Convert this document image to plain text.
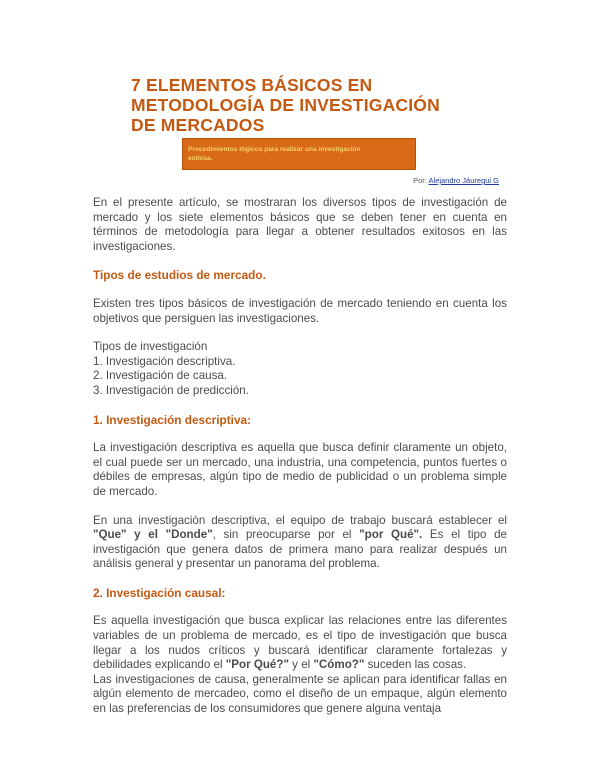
7 ELEMENTOS BÁSICOS EN
METODOLOGÍA DE INVESTIGACIÓN
DE MERCADOS
Procedimientos lógicos para realizar una investigación exitosa.
Por: Alejandro Jáuregui G

En el presente artículo, se mostraran los diversos tipos de investigación de mercado y los siete elementos básicos que se deben tener en cuenta en términos de metodología para llegar a obtener resultados exitosos en las investigaciones.

Tipos de estudios de mercado.

Existen tres tipos básicos de investigación de mercado teniendo en cuenta los objetivos que persiguen las investigaciones.

Tipos de investigación

1. Investigación descriptiva.

2. Investigación de causa.

3. Investigación de predicción.

1. Investigación descriptiva:

La investigación descriptiva es aquella que busca definir claramente un objeto, el cual puede ser un mercado, una industria, una competencia, puntos fuertes o débiles de empresas, algún tipo de medio de publicidad o un problema simple de mercado.

En una investigación descriptiva, el equipo de trabajo buscará establecer el "Que" y el "Donde", sin preocuparse por el "por Qué". Es el tipo de investigación que genera datos de primera mano para realizar después un análisis general y presentar un panorama del problema.

2. Investigación causal:

Es aquella investigación que busca explicar las relaciones entre las diferentes variables de un problema de mercado, es el tipo de investigación que busca llegar a los nudos críticos y buscará identificar claramente fortalezas y debilidades explicando el "Por Qué?" y el "Cómo?" suceden las cosas.

Las investigaciones de causa, generalmente se aplican para identificar fallas en algún elemento de mercadeo, como el diseño de un empaque, algún elemento en las preferencias de los consumidores que genere alguna ventaja
